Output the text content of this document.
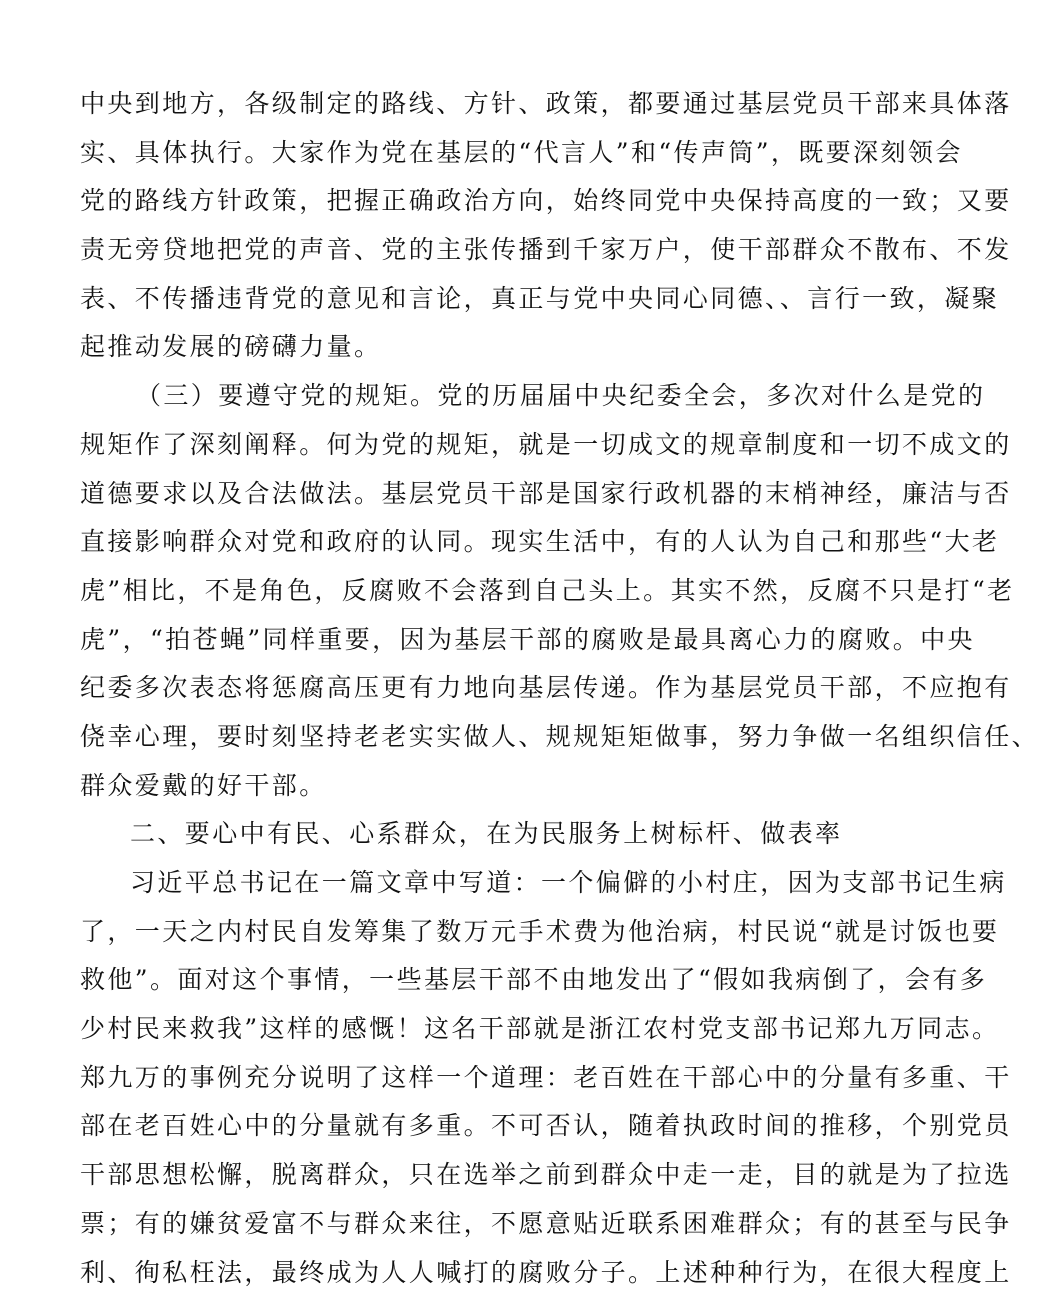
中央到地方，各级制定的路线、方针、政策，都要通过基层党员干部来具体落
实、具体执行。大家作为党在基层的“代言人”和“传声筒”，既要深刻领会
党的路线方针政策，把握正确政治方向，始终同党中央保持高度的一致；又要
责无旁贷地把党的声音、党的主张传播到千家万户，使干部群众不散布、不发
表、不传播违背党的意见和言论，真正与党中央同心同德、、言行一致，凝聚
起推动发展的磅礴力量。
（三）要遵守党的规矩。党的历届届中央纪委全会，多次对什么是党的
规矩作了深刻阐释。何为党的规矩，就是一切成文的规章制度和一切不成文的
道德要求以及合法做法。基层党员干部是国家行政机器的末梢神经，廉洁与否
直接影响群众对党和政府的认同。现实生活中，有的人认为自己和那些“大老
虎”相比，不是角色，反腐败不会落到自己头上。其实不然，反腐不只是打“老
虎”，“拍苍蝇”同样重要，因为基层干部的腐败是最具离心力的腐败。中央
纪委多次表态将惩腐高压更有力地向基层传递。作为基层党员干部，不应抱有
侥幸心理，要时刻坚持老老实实做人、规规矩矩做事，努力争做一名组织信任、
群众爱戴的好干部。
二、要心中有民、心系群众，在为民服务上树标杆、做表率
习近平总书记在一篇文章中写道：一个偏僻的小村庄，因为支部书记生病
了，一天之内村民自发筹集了数万元手术费为他治病，村民说“就是讨饭也要
救他”。面对这个事情，一些基层干部不由地发出了“假如我病倒了，会有多
少村民来救我”这样的感慨！这名干部就是浙江农村党支部书记郑九万同志。
郑九万的事例充分说明了这样一个道理：老百姓在干部心中的分量有多重、干
部在老百姓心中的分量就有多重。不可否认，随着执政时间的推移，个别党员
干部思想松懈，脱离群众，只在选举之前到群众中走一走，目的就是为了拉选
票；有的嫌贫爱富不与群众来往，不愿意贴近联系困难群众；有的甚至与民争
利、徇私枉法，最终成为人人喊打的腐败分子。上述种种行为，在很大程度上
